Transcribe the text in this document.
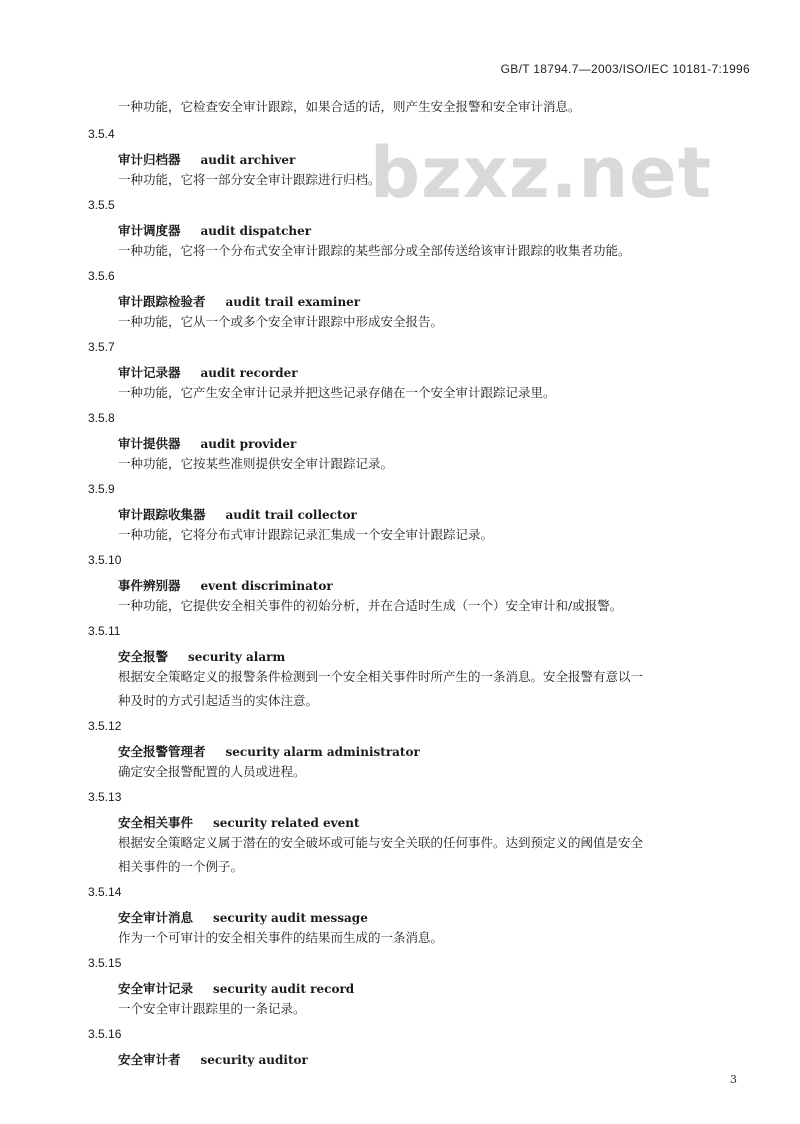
GB/T 18794.7—2003/ISO/IEC 10181-7:1996
bzxz.net
一种功能，它检查安全审计跟踪，如果合适的话，则产生安全报警和安全审计消息。
3.5.4
审计归档器 audit archiver
一种功能，它将一部分安全审计跟踪进行归档。
3.5.5
审计调度器 audit dispatcher
一种功能，它将一个分布式安全审计跟踪的某些部分或全部传送给该审计跟踪的收集者功能。
3.5.6
审计跟踪检验者 audit trail examiner
一种功能，它从一个或多个安全审计跟踪中形成安全报告。
3.5.7
审计记录器 audit recorder
一种功能，它产生安全审计记录并把这些记录存储在一个安全审计跟踪记录里。
3.5.8
审计提供器 audit provider
一种功能，它按某些准则提供安全审计跟踪记录。
3.5.9
审计跟踪收集器 audit trail collector
一种功能，它将分布式审计跟踪记录汇集成一个安全审计跟踪记录。
3.5.10
事件辨别器 event discriminator
一种功能，它提供安全相关事件的初始分析，并在合适时生成（一个）安全审计和/或报警。
3.5.11
安全报警 security alarm
根据安全策略定义的报警条件检测到一个安全相关事件时所产生的一条消息。安全报警有意以一
种及时的方式引起适当的实体注意。
3.5.12
安全报警管理者 security alarm administrator
确定安全报警配置的人员或进程。
3.5.13
安全相关事件 security related event
根据安全策略定义属于潜在的安全破坏或可能与安全关联的任何事件。达到预定义的阈值是安全
相关事件的一个例子。
3.5.14
安全审计消息 security audit message
作为一个可审计的安全相关事件的结果而生成的一条消息。
3.5.15
安全审计记录 security audit record
一个安全审计跟踪里的一条记录。
3.5.16
安全审计者 security auditor
3
